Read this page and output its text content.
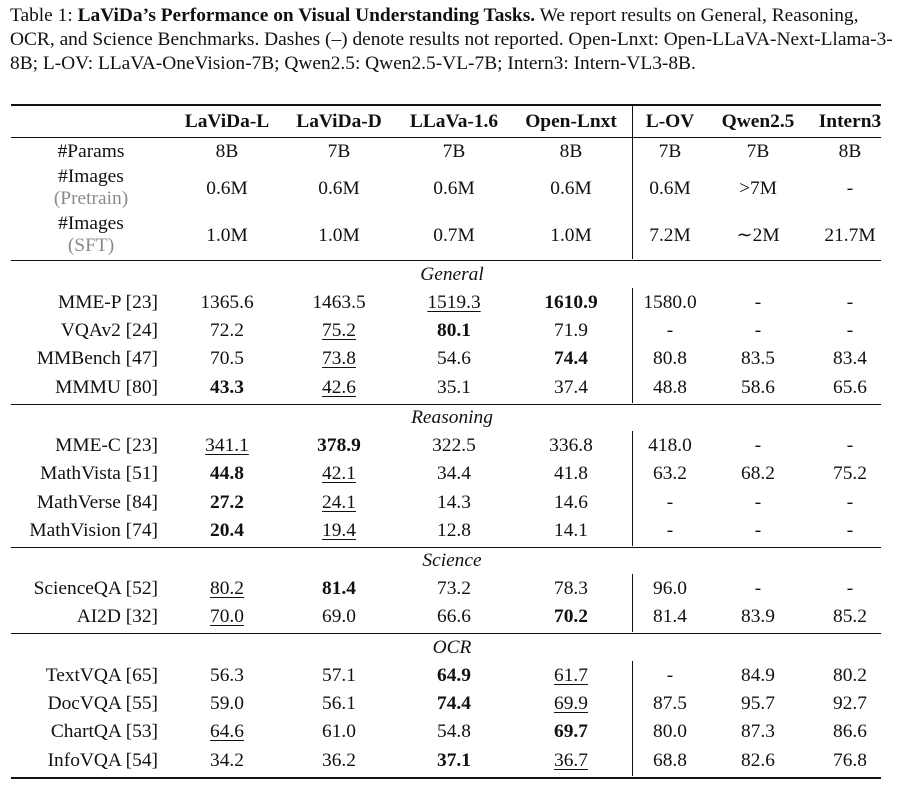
Table 1: LaViDa’s Performance on Visual Understanding Tasks. We report results on General, Reasoning, OCR, and Science Benchmarks. Dashes (–) denote results not reported. Open-Lnxt: Open-LLaVA-Next-Llama-3-8B; L-OV: LLaVA-OneVision-7B; Qwen2.5: Qwen2.5-VL-7B; Intern3: Intern-VL3-8B.
LaViDa-L LaViDa-D LLaVa-1.6 Open-Lnxt L-OV Qwen2.5 Intern3
#Params	8B	7B	7B	8B	7B	7B	8B
#Images
(Pretrain)	0.6M	0.6M	0.6M	0.6M	0.6M >7M	-
#Images
(SFT)	1.0M	1.0M	0.7M	1.0M	7.2M ∼2M 21.7M
General
MME-P [23] 1365.6	1463.5	1519.3	1610.9 1580.0	-	-
VQAv2 [24]	72.2	75.2	80.1	71.9	-	-	-
MMBench [47]	70.5	73.8	54.6	74.4	80.8	83.5	83.4
MMMU [80]	43.3	42.6	35.1	37.4	48.8	58.6	65.6
Reasoning
MME-C [23] 341.1	378.9	322.5	336.8	418.0	-	-
MathVista [51]	44.8	42.1	34.4	41.8	63.2	68.2	75.2
MathVerse [84]	27.2	24.1	14.3	14.6	-	-	-
MathVision [74]	20.4	19.4	12.8	14.1	-	-	-
Science
ScienceQA [52]	80.2	81.4	73.2	78.3	96.0	-	-
AI2D [32]	70.0	69.0	66.6	70.2	81.4	83.9	85.2
OCR
TextVQA [65]	56.3	57.1	64.9	61.7	-	84.9	80.2
DocVQA [55]	59.0	56.1	74.4	69.9	87.5	95.7	92.7
ChartQA [53]	64.6	61.0	54.8	69.7	80.0	87.3	86.6
InfoVQA [54]	34.2	36.2	37.1	36.7	68.8	82.6	76.8
